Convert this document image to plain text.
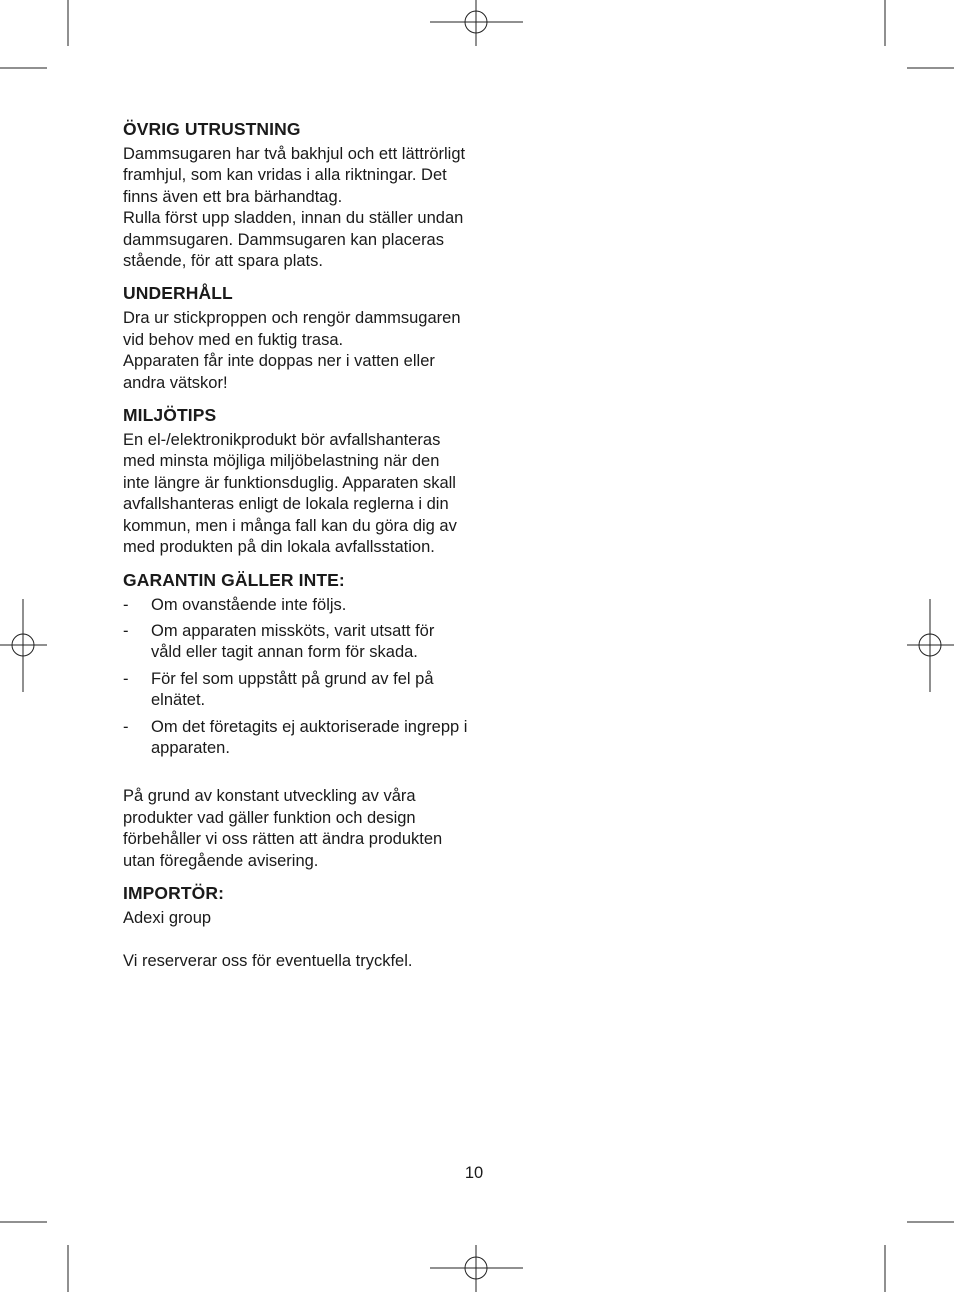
ÖVRIG UTRUSTNING

Dammsugaren har två bakhjul och ett lättrörligt framhjul, som kan vridas i alla riktningar. Det finns även ett bra bärhandtag.

Rulla först upp sladden, innan du ställer undan dammsugaren. Dammsugaren kan placeras stående, för att spara plats.

UNDERHÅLL

Dra ur stickproppen och rengör dammsugaren vid behov med en fuktig trasa.

Apparaten får inte doppas ner i vatten eller andra vätskor!

MILJÖTIPS

En el-/elektronikprodukt bör avfallshanteras med minsta möjliga miljöbelastning när den inte längre är funktionsduglig. Apparaten skall avfallshanteras enligt de lokala reglerna i din kommun, men i många fall kan du göra dig av med produkten på din lokala avfallsstation.

GARANTIN GÄLLER INTE:
- Om ovanstående inte följs.
- Om apparaten missköts, varit utsatt för våld eller tagit annan form för skada.
- För fel som uppstått på grund av fel på elnätet.
- Om det företagits ej auktoriserade ingrepp i apparaten.

På grund av konstant utveckling av våra produkter vad gäller funktion och design förbehåller vi oss rätten att ändra produkten utan föregående avisering.

IMPORTÖR:

Adexi group

Vi reserverar oss för eventuella tryckfel.

10
